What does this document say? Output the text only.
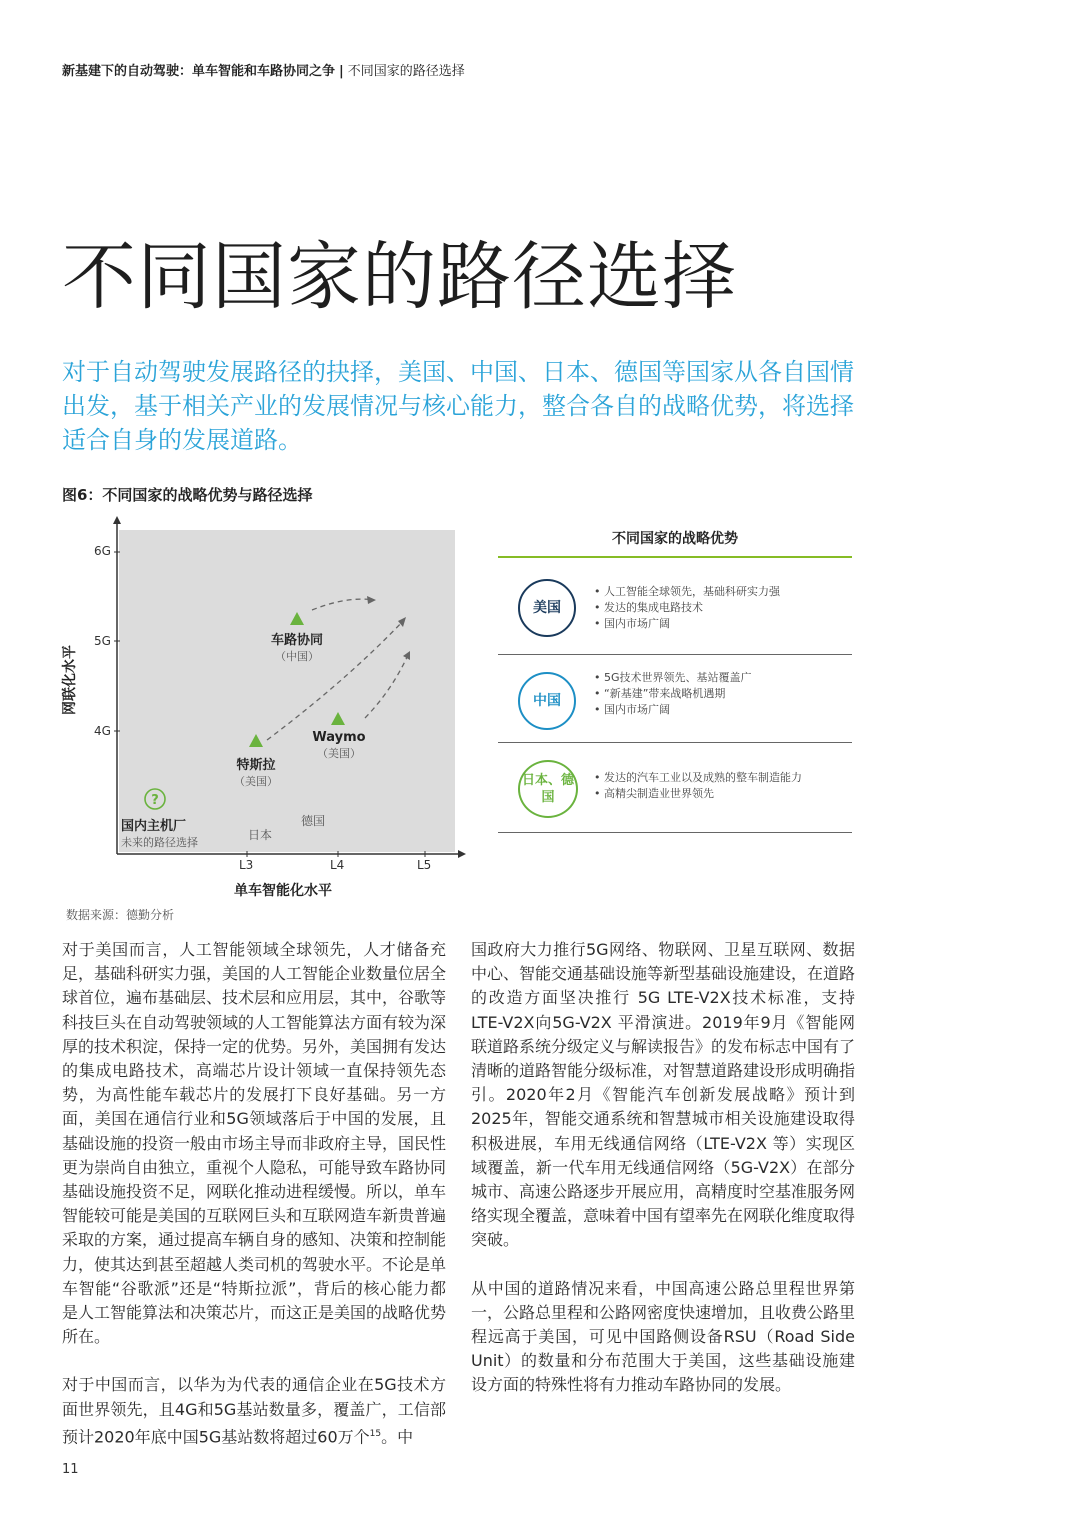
新基建下的自动驾驶：单车智能和车路协同之争 | 不同国家的路径选择
不同国家的路径选择
对于自动驾驶发展路径的抉择，美国、中国、日本、德国等国家从各自国情出发，基于相关产业的发展情况与核心能力，整合各自的战略优势，将选择适合自身的发展道路。
图6：不同国家的战略优势与路径选择
?
6G
5G
4G
L3	L4	L5
网联化水平
单车智能化水平
车路协同
（中国）
Waymo
（美国）
特斯拉
（美国）
国内主机厂
未来的路径选择
日本
德国
数据来源：德勤分析
不同国家的战略优势
美国
• 人工智能全球领先，基础科研实力强
• 发达的集成电路技术
• 国内市场广阔
中国
• 5G技术世界领先、基站覆盖广
• “新基建”带来战略机遇期
• 国内市场广阔
日本、德国
• 发达的汽车工业以及成熟的整车制造能力
• 高精尖制造业世界领先

对于美国而言，人工智能领域全球领先，人才储备充足，基础科研实力强，美国的人工智能企业数量位居全球首位，遍布基础层、技术层和应用层，其中，谷歌等科技巨头在自动驾驶领域的人工智能算法方面有较为深厚的技术积淀，保持一定的优势。另外，美国拥有发达的集成电路技术，高端芯片设计领域一直保持领先态势，为高性能车载芯片的发展打下良好基础。另一方面，美国在通信行业和5G领域落后于中国的发展，且基础设施的投资一般由市场主导而非政府主导，国民性更为崇尚自由独立，重视个人隐私，可能导致车路协同基础设施投资不足，网联化推动进程缓慢。所以，单车智能较可能是美国的互联网巨头和互联网造车新贵普遍采取的方案，通过提高车辆自身的感知、决策和控制能力，使其达到甚至超越人类司机的驾驶水平。不论是单车智能“谷歌派”还是“特斯拉派”，背后的核心能力都是人工智能算法和决策芯片，而这正是美国的战略优势所在。

对于中国而言，以华为为代表的通信企业在5G技术方面世界领先，且4G和5G基站数量多，覆盖广，工信部预计2020年底中国5G基站数将超过60万个$^{15}$。中

国政府大力推行5G网络、物联网、卫星互联网、数据中心、智能交通基础设施等新型基础设施建设，在道路的改造方面坚决推行 5G LTE-V2X技术标准，支持LTE-V2X向5G-V2X 平滑演进。2019年9月《智能网联道路系统分级定义与解读报告》的发布标志中国有了清晰的道路智能分级标准，对智慧道路建设形成明确指引。2020年2月《智能汽车创新发展战略》预计到2025年，智能交通系统和智慧城市相关设施建设取得积极进展，车用无线通信网络（LTE-V2X 等）实现区域覆盖，新一代车用无线通信网络（5G-V2X）在部分城市、高速公路逐步开展应用，高精度时空基准服务网络实现全覆盖，意味着中国有望率先在网联化维度取得突破。

从中国的道路情况来看，中国高速公路总里程世界第一，公路总里程和公路网密度快速增加，且收费公路里程远高于美国，可见中国路侧设备RSU（Road Side Unit）的数量和分布范围大于美国，这些基础设施建设方面的特殊性将有力推动车路协同的发展。

11
